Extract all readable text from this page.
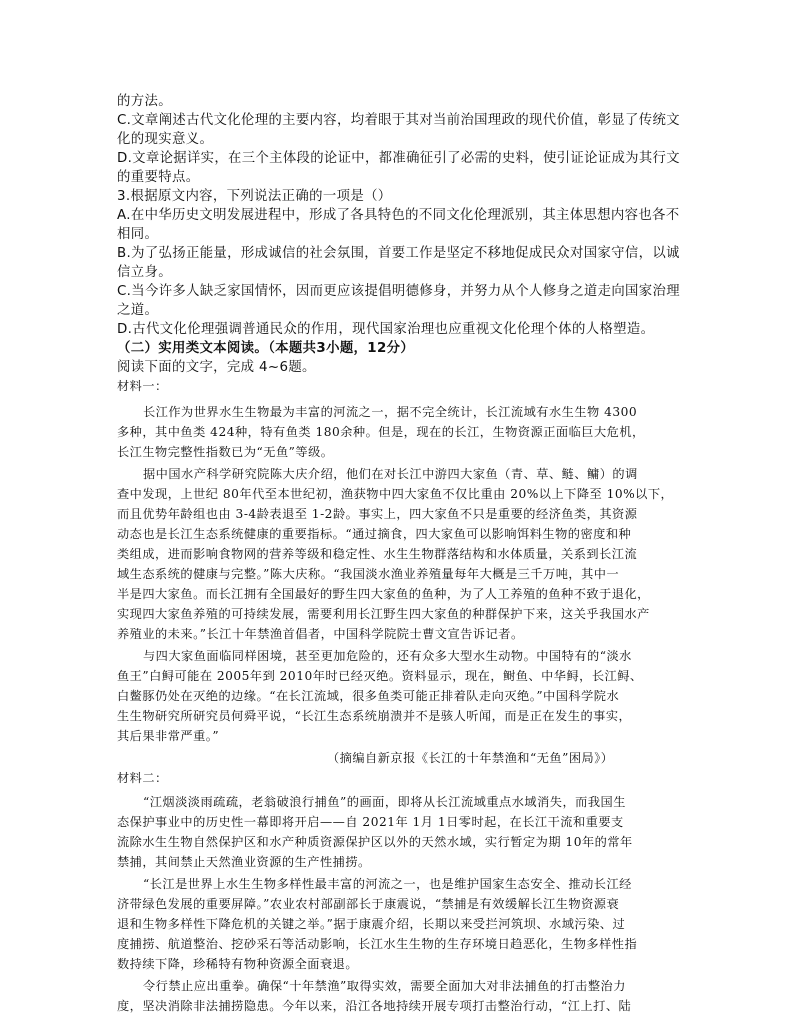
的方法。
C.文章阐述古代文化伦理的主要内容，均着眼于其对当前治国理政的现代价值，彰显了传统文
化的现实意义。
D.文章论据详实，在三个主体段的论证中，都准确征引了必需的史料，使引证论证成为其行文
的重要特点。
3.根据原文内容，下列说法正确的一项是（）
A.在中华历史文明发展进程中，形成了各具特色的不同文化伦理派别，其主体思想内容也各不
相同。
B.为了弘扬正能量，形成诚信的社会氛围，首要工作是坚定不移地促成民众对国家守信，以诚
信立身。
C.当今许多人缺乏家国情怀，因而更应该提倡明德修身，并努力从个人修身之道走向国家治理
之道。
D.古代文化伦理强调普通民众的作用，现代国家治理也应重视文化伦理个体的人格塑造。
（二）实用类文本阅读。（本题共3小题，12分）
阅读下面的文字，完成 4~6题。
材料一：
长江作为世界水生生物最为丰富的河流之一，据不完全统计，长江流域有水生生物 4300
多种，其中鱼类 424种，特有鱼类 180余种。但是，现在的长江，生物资源正面临巨大危机，
长江生物完整性指数已为“无鱼”等级。
据中国水产科学研究院陈大庆介绍，他们在对长江中游四大家鱼（青、草、鲢、鳙）的调
查中发现，上世纪 80年代至本世纪初，渔获物中四大家鱼不仅比重由 20%以上下降至 10%以下，
而且优势年龄组也由 3-4龄表退至 1-2龄。事实上，四大家鱼不只是重要的经济鱼类，其资源
动态也是长江生态系统健康的重要指标。“通过摘食，四大家鱼可以影响饵料生物的密度和种
类组成，进而影响食物网的营养等级和稳定性、水生生物群落结构和水体质量，关系到长江流
域生态系统的健康与完整。”陈大庆称。“我国淡水渔业养殖量每年大概是三千万吨，其中一
半是四大家鱼。而长江拥有全国最好的野生四大家鱼的鱼种，为了人工养殖的鱼种不致于退化，
实现四大家鱼养殖的可持续发展，需要利用长江野生四大家鱼的种群保护下来，这关乎我国水产
养殖业的未来。”长江十年禁渔首倡者，中国科学院院士曹文宣告诉记者。
与四大家鱼面临同样困境，甚至更加危险的，还有众多大型水生动物。中国特有的“淡水
鱼王”白鲟可能在 2005年到 2010年时已经灭绝。资料显示，现在，鲥鱼、中华鲟，长江鲟、
白鳖豚仍处在灭绝的边缘。“在长江流域，很多鱼类可能正排着队走向灭绝。”中国科学院水
生生物研究所研究员何舜平说，“长江生态系统崩溃并不是骇人听闻，而是正在发生的事实，
其后果非常严重。”
（摘编自新京报《长江的十年禁渔和“无鱼”困局》）
材料二：
“江烟淡淡雨疏疏，老翁破浪行捕鱼”的画面，即将从长江流域重点水域消失，而我国生
态保护事业中的历史性一幕即将开启——自 2021年 1月 1日零时起，在长江干流和重要支
流除水生生物自然保护区和水产种质资源保护区以外的天然水域，实行暂定为期 10年的常年
禁捕，其间禁止天然渔业资源的生产性捕捞。
“长江是世界上水生生物多样性最丰富的河流之一，也是维护国家生态安全、推动长江经
济带绿色发展的重要屏障。”农业农村部副部长于康震说，“禁捕是有效缓解长江生物资源衰
退和生物多样性下降危机的关键之举。”据于康震介绍，长期以来受拦河筑坝、水域污染、过
度捕捞、航道整治、挖砂采石等活动影响，长江水生生物的生存环境日趋恶化，生物多样性指
数持续下降，珍稀特有物种资源全面衰退。
令行禁止应出重拳。确保“十年禁渔”取得实效，需要全面加大对非法捕鱼的打击整治力
度，坚决消除非法捕捞隐患。今年以来，沿江各地持续开展专项打击整治行动，“江上打、陆
